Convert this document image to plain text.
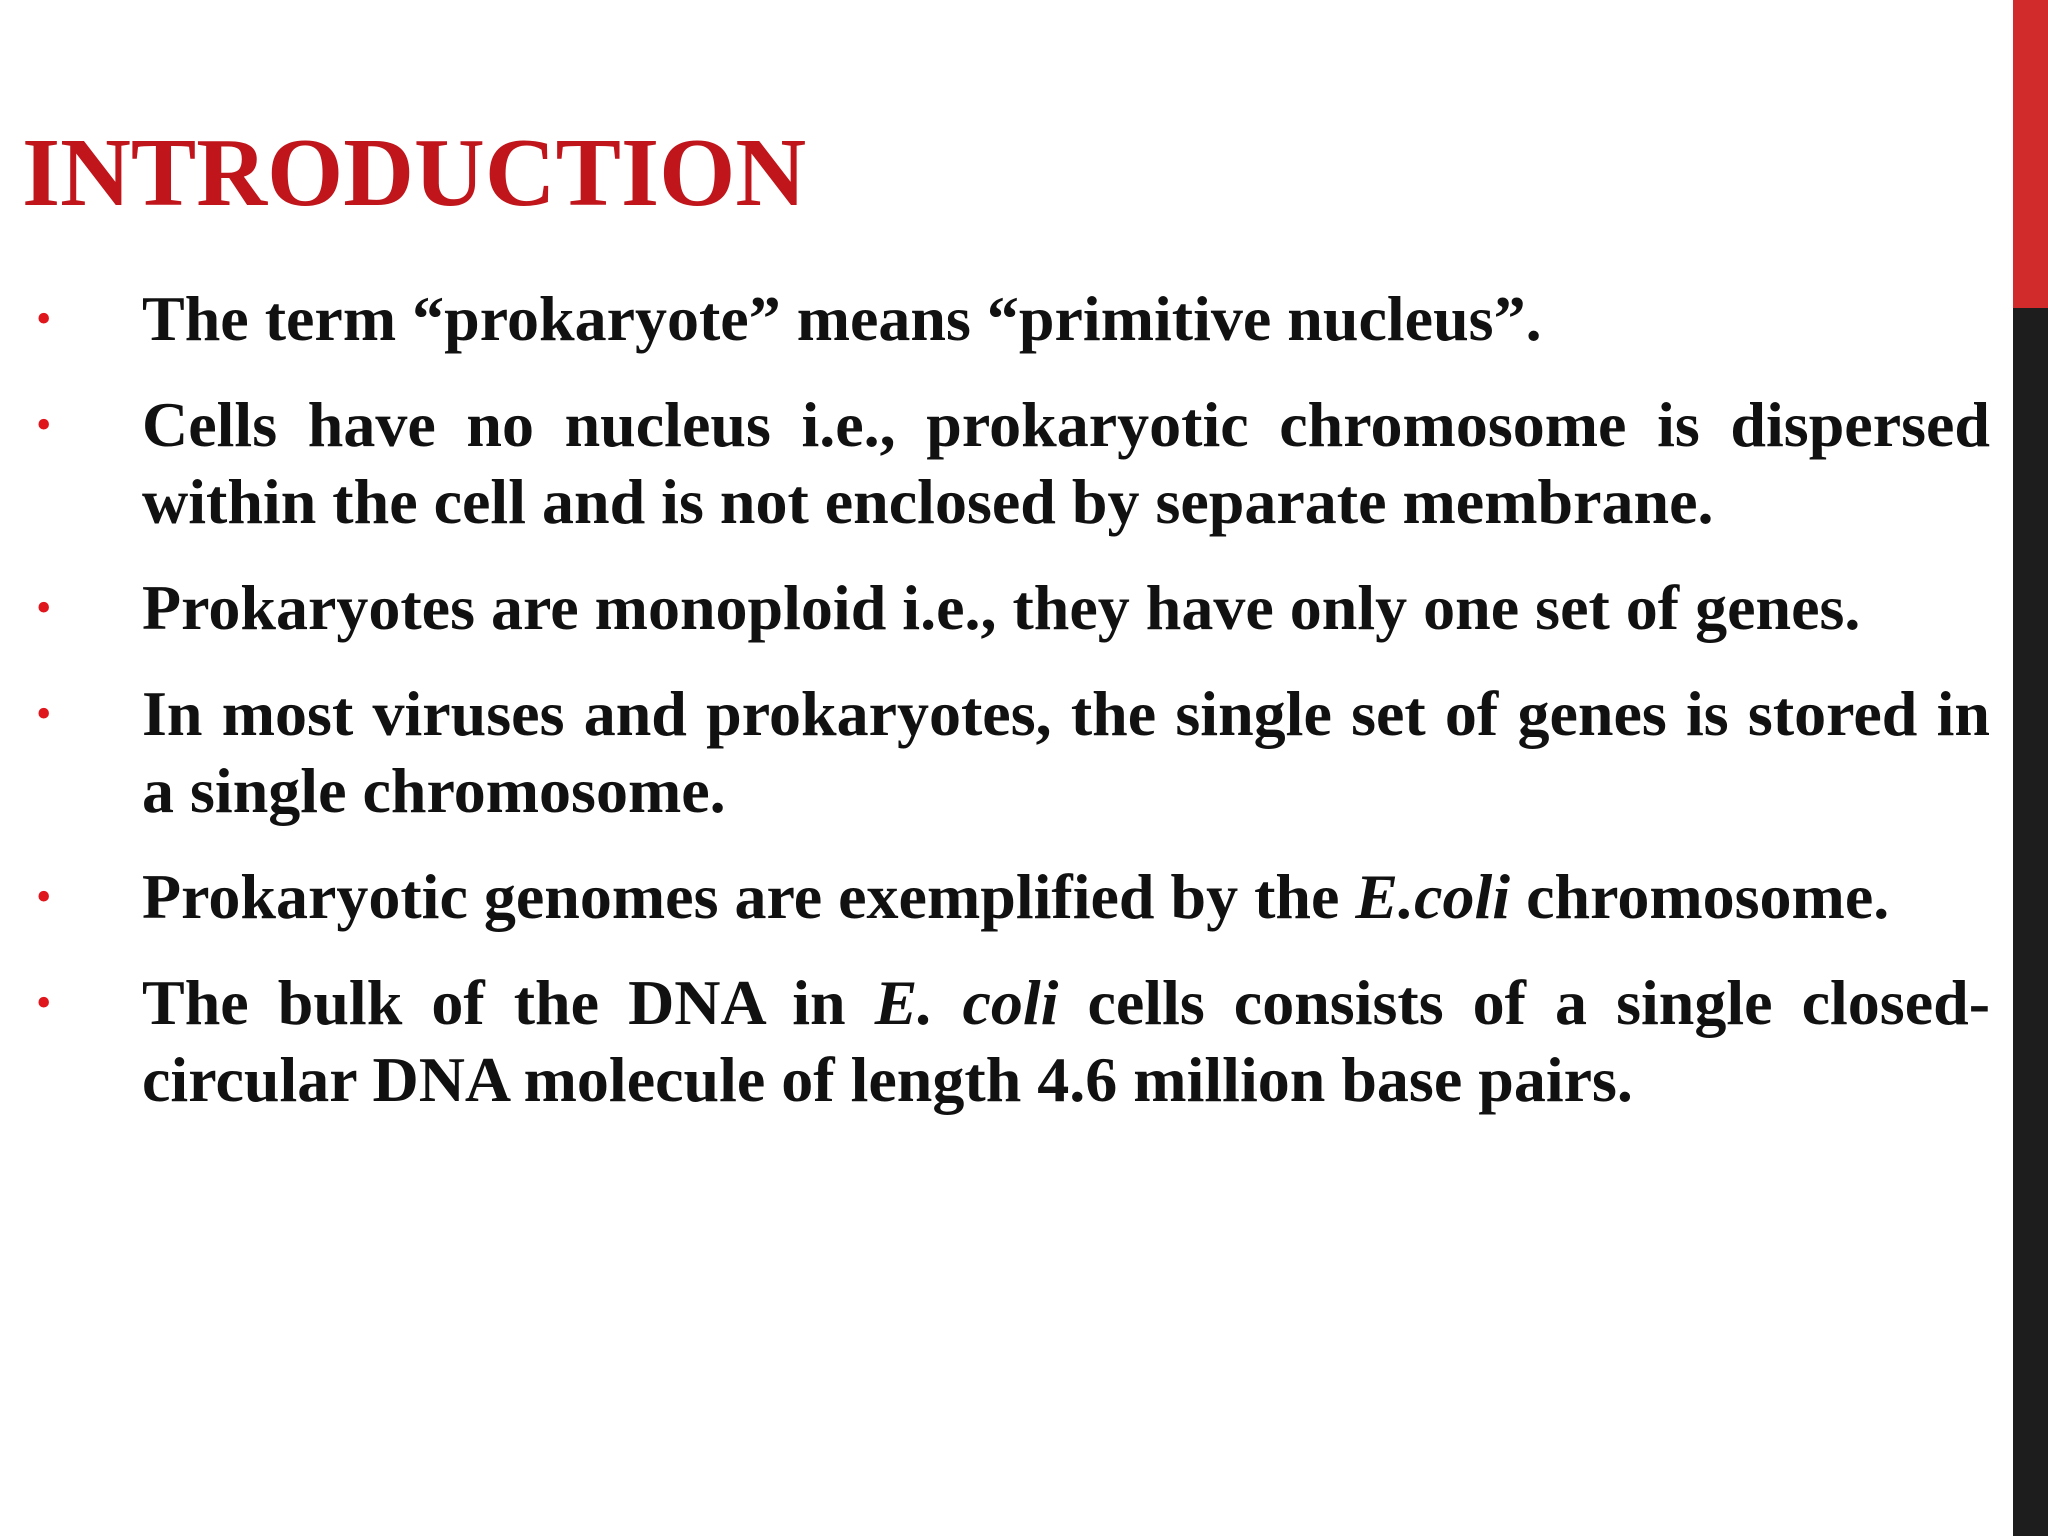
INTRODUCTION
• The term “prokaryote” means “primitive nucleus”.

• Cells have no nucleus i.e., prokaryotic chromosome is dispersed within the cell and is not enclosed by separate membrane.

• Prokaryotes are monoploid i.e., they have only one set of genes.

• In most viruses and prokaryotes, the single set of genes is stored in a single chromosome.

• Prokaryotic genomes are exemplified by the E.coli chromosome.

• The bulk of the DNA in E. coli cells consists of a single closed-circular DNA molecule of length 4.6 million base pairs.
